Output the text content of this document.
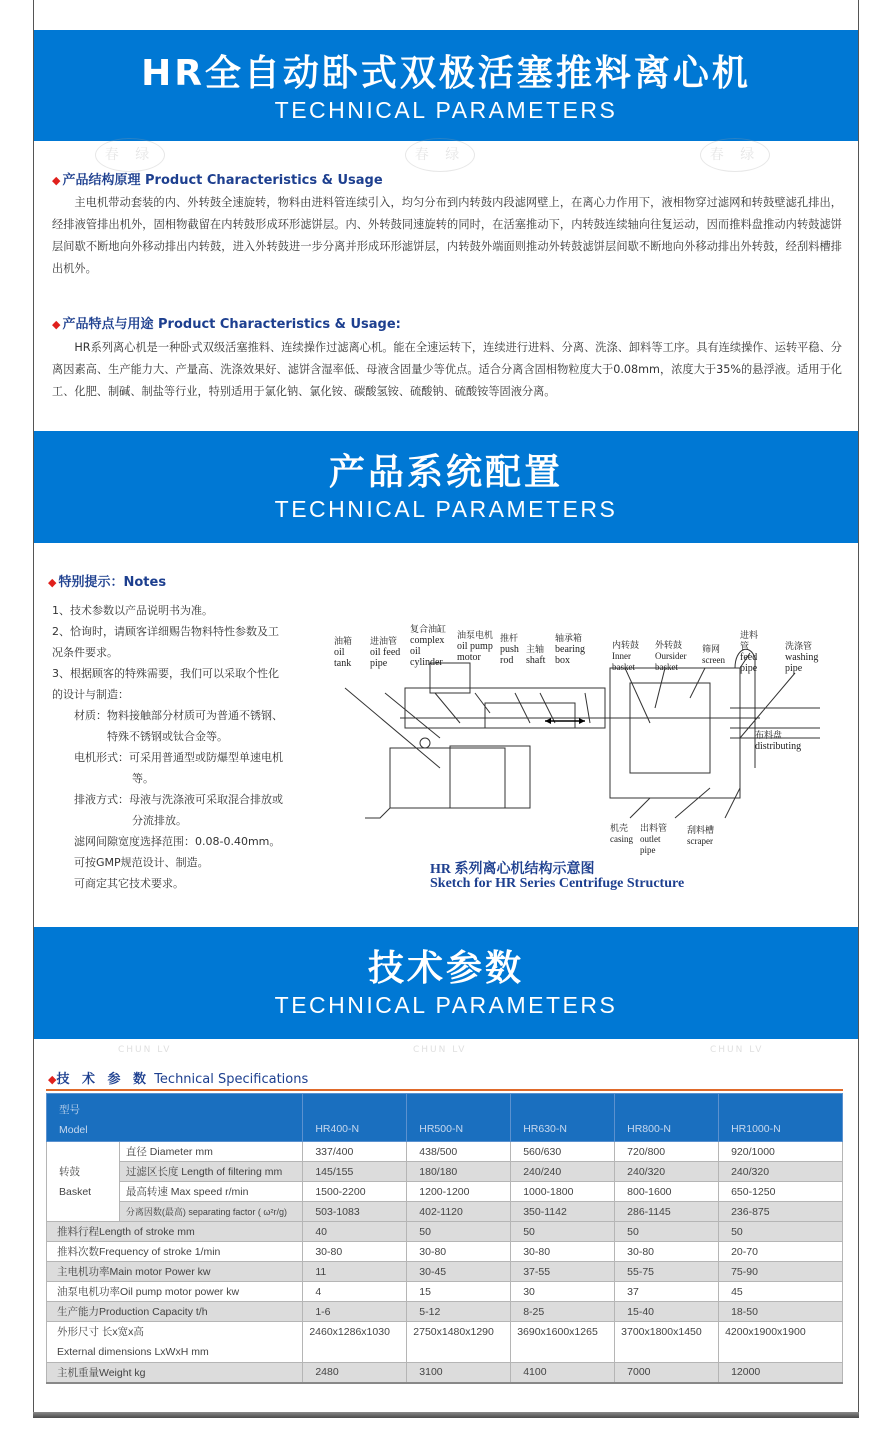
HR全自动卧式双极活塞推料离心机
TECHNICAL PARAMETERS
春 绿	春 绿	春 绿
◆ 产品结构原理 Product Characteristics & Usage
主电机带动套装的内、外转鼓全速旋转，物料由进料管连续引入，均匀分布到内转鼓内段滤网壁上，在离心力作用下，液相物穿过滤网和转鼓壁滤孔排出，经排液管排出机外，固相物截留在内转鼓形成环形滤饼层。内、外转鼓同速旋转的同时，在活塞推动下，内转鼓连续轴向往复运动，因而推料盘推动内转鼓滤饼层间歇不断地向外移动排出内转鼓，进入外转鼓进一步分离并形成环形滤饼层，内转鼓外端面则推动外转鼓滤饼层间歇不断地向外移动排出外转鼓，经刮料槽排出机外。
◆ 产品特点与用途 Product Characteristics & Usage:
HR系列离心机是一种卧式双级活塞推料、连续操作过滤离心机。能在全速运转下，连续进行进料、分离、洗涤、卸料等工序。具有连续操作、运转平稳、分离因素高、生产能力大、产量高、洗涤效果好、滤饼含湿率低、母液含固量少等优点。适合分离含固相物粒度大于0.08mm，浓度大于35%的悬浮液。适用于化工、化肥、制碱、制盐等行业，特别适用于氯化钠、氯化铵、碳酸氢铵、硫酸钠、硫酸铵等固液分离。
产品系统配置
TECHNICAL PARAMETERS
◆ 特别提示：Notes
1、技术参数以产品说明书为准。
2、恰询时，请顾客详细赐告物料特性参数及工
况条件要求。
3、根据顾客的特殊需要，我们可以采取个性化
的设计与制造：
材质：物料接触部分材质可为普通不锈钢、
特殊不锈钢或钛合金等。
电机形式：可采用普通型或防爆型单速电机
等。
排液方式：母液与洗涤液可采取混合排放或
分流排放。
滤网间隙宽度选择范围：0.08-0.40mm。
可按GMP规范设计、制造。
可商定其它技术要求。
油箱
oil tank
进油管
oil feed pipe
复合油缸
complex oil cylinder
油泵电机
oil pump motor
推杆
push rod
主轴
shaft
轴承箱
bearing box
内转鼓
Inner basket
外转鼓
Oursider basket
筛网
screen
进料管
feed pipe
洗涤管
washing pipe
布料盘
distributing
机壳
casing
出料管
outlet pipe
刮料槽
scraper
HR 系列离心机结构示意图
Sketch for HR Series Centrifuge Structure
技术参数
TECHNICAL PARAMETERS
CHUN LV	CHUN LV	CHUN LV
◆技 术 参 数 Technical Specifications
型号
Model		HR400-N	HR500-N	HR630-N	HR800-N	HR1000-N

转鼓
Basket	直径 Diameter mm	337/400	438/500	560/630	720/800	920/1000
	过滤区长度 Length of filtering mm	145/155	180/180	240/240	240/320	240/320
	最高转速 Max speed r/min	1500-2200	1200-1200	1000-1800	800-1600	650-1250
	分离因数(最高) separating factor ( ω²r/g)	503-1083	402-1120	350-1142	286-1145	236-875
推料行程Length of stroke mm		40	50	50	50	50
推料次数Frequency of stroke 1/min		30-80	30-80	30-80	30-80	20-70
主电机功率Main motor Power kw		11	30-45	37-55	55-75	75-90
油泵电机功率Oil pump motor power kw		4	15	30	37	45
生产能力Production Capacity t/h		1-6	5-12	8-25	15-40	18-50

外形尺寸 长x宽x高
External dimensions LxWxH mm		2460x1286x1030	2750x1480x1290	3690x1600x1265	3700x1800x1450	4200x1900x1900
主机重量Weight kg		2480	3100	4100	7000	12000
